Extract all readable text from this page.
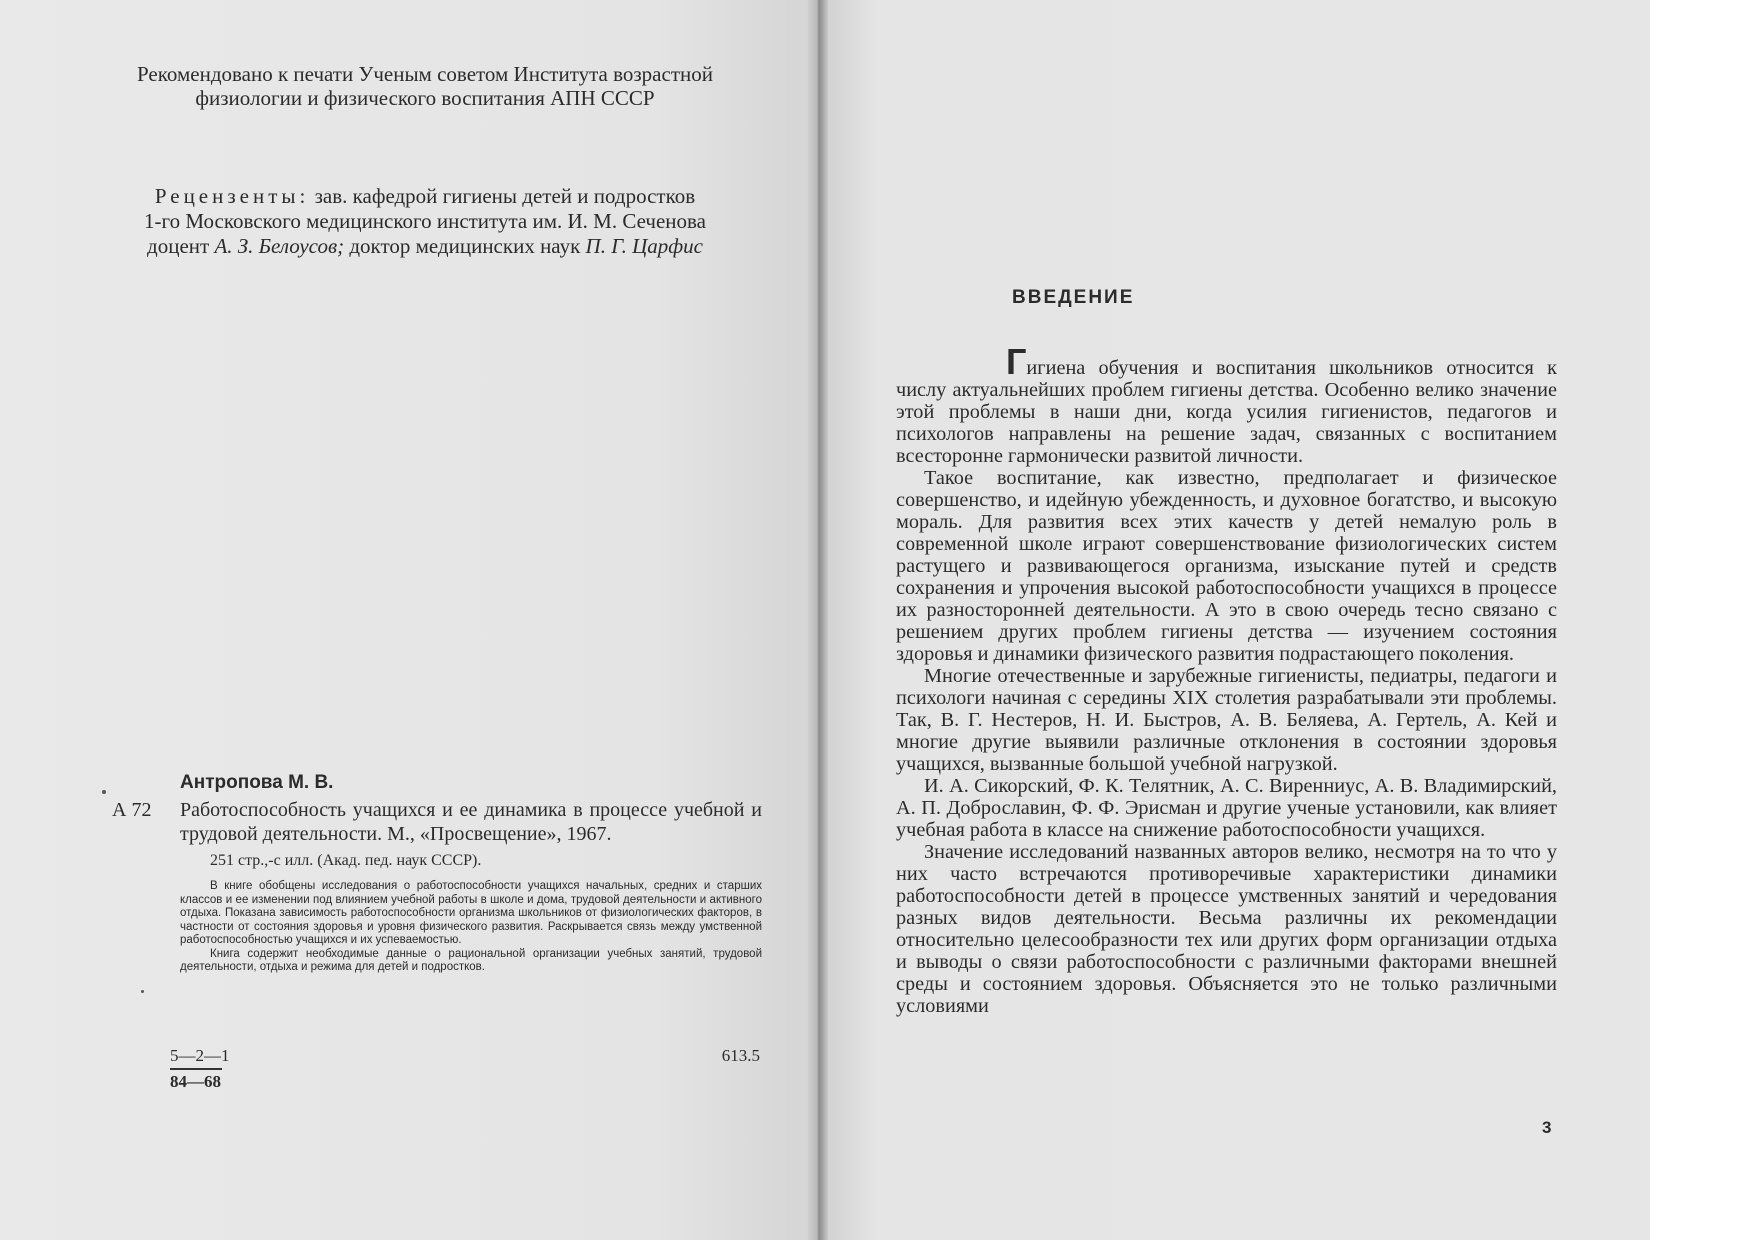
Рекомендовано к печати Ученым советом Института возрастной
физиологии и физического воспитания АПН СССР
Рецензенты: зав. кафедрой гигиены детей и подростков
1-го Московского медицинского института им. И. М. Сеченова
доцент А. З. Белоусов; доктор медицинских наук П. Г. Царфис
Антропова М. В.
А 72	Работоспособность учащихся и ее динамика в процессе учебной и трудовой деятельности. М., «Просвещение», 1967.
251 стр.,-с илл. (Акад. пед. наук СССР).

В книге обобщены исследования о работоспособности учащихся начальных, средних и старших классов и ее изменении под влиянием учебной работы в школе и дома, трудовой деятельности и активного отдыха. Показана зависимость работоспособности организма школьников от физиологических факторов, в частности от состояния здоровья и уровня физического развития. Раскрывается связь между умственной работоспособностью учащихся и их успеваемостью.

Книга содержит необходимые данные о рациональной организации учебных занятий, трудовой деятельности, отдыха и режима для детей и подростков.

5—2—1
84—68
613.5
ВВЕДЕНИЕ

Гигиена обучения и воспитания школьников относится к числу актуальнейших проблем гигиены детства. Особенно велико значение этой проблемы в наши дни, когда усилия гигиенистов, педагогов и психологов направлены на решение задач, связанных с воспитанием всесторонне гармонически развитой личности.

Такое воспитание, как известно, предполагает и физическое совершенство, и идейную убежденность, и духовное богатство, и высокую мораль. Для развития всех этих качеств у детей немалую роль в современной школе играют совершенствование физиологических систем растущего и развивающегося организма, изыскание путей и средств сохранения и упрочения высокой работоспособности учащихся в процессе их разносторонней деятельности. А это в свою очередь тесно связано с решением других проблем гигиены детства — изучением состояния здоровья и динамики физического развития подрастающего поколения.

Многие отечественные и зарубежные гигиенисты, педиатры, педагоги и психологи начиная с середины XIX столетия разрабатывали эти проблемы. Так, В. Г. Нестеров, Н. И. Быстров, А. В. Беляева, А. Гертель, А. Кей и многие другие выявили различные отклонения в состоянии здоровья учащихся, вызванные большой учебной нагрузкой.

И. А. Сикорский, Ф. К. Телятник, А. С. Виренниус, А. В. Владимирский, А. П. Доброславин, Ф. Ф. Эрисман и другие ученые установили, как влияет учебная работа в классе на снижение работоспособности учащихся.

Значение исследований названных авторов велико, несмотря на то что у них часто встречаются противоречивые характеристики динамики работоспособности детей в процессе умственных занятий и чередования разных видов деятельности. Весьма различны их рекомендации относительно целесообразности тех или других форм организации отдыха и выводы о связи работоспособности с различными факторами внешней среды и состоянием здоровья. Объясняется это не только различными условиями

3
